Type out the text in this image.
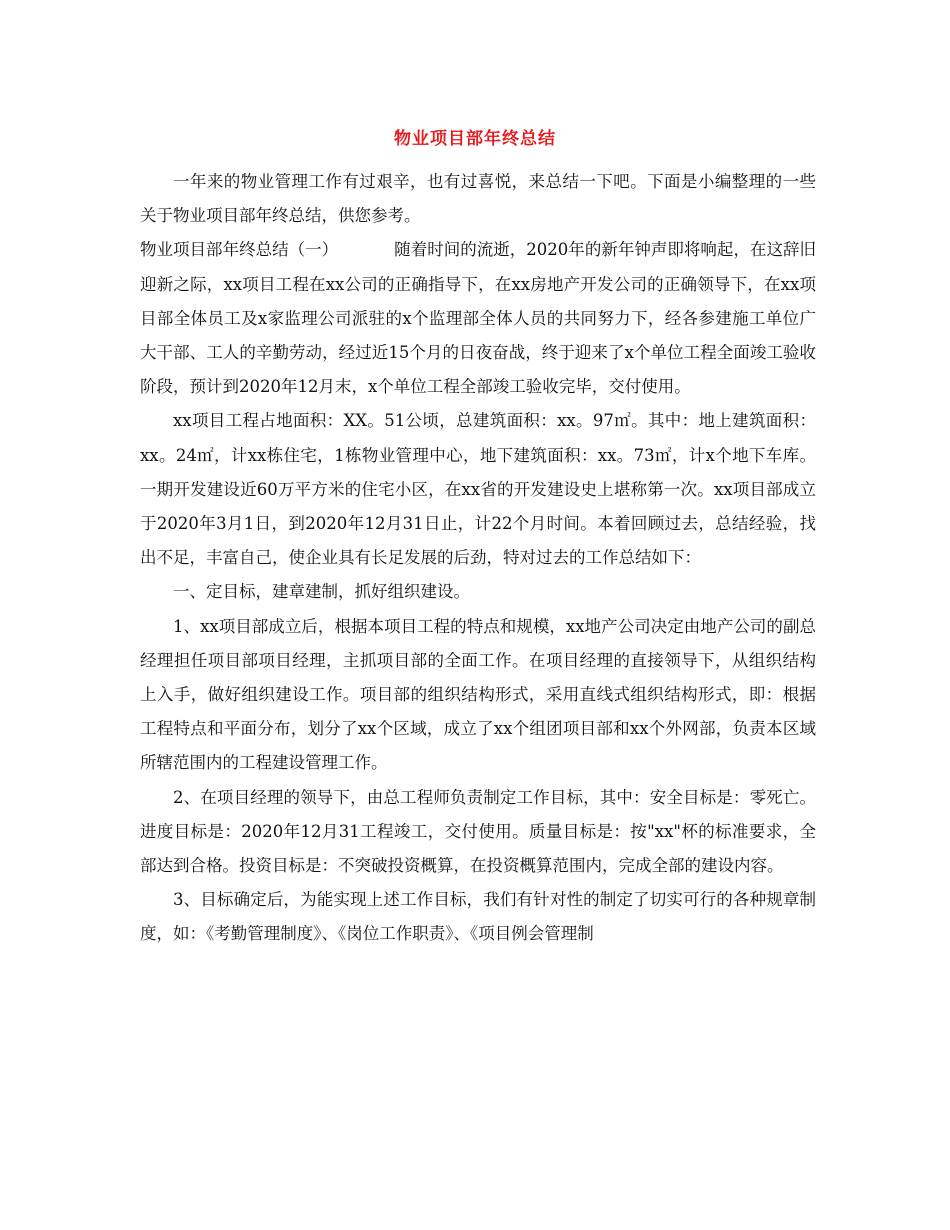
物业项目部年终总结

一年来的物业管理工作有过艰辛，也有过喜悦，来总结一下吧。下面是小编整理的一些关于物业项目部年终总结，供您参考。

物业项目部年终总结（一）	随着时间的流逝，2020年的新年钟声即将响起，在这辞旧迎新之际，xx项目工程在xx公司的正确指导下，在xx房地产开发公司的正确领导下，在xx项目部全体员工及x家监理公司派驻的x个监理部全体人员的共同努力下，经各参建施工单位广大干部、工人的辛勤劳动，经过近15个月的日夜奋战，终于迎来了x个单位工程全面竣工验收阶段，预计到2020年12月末，x个单位工程全部竣工验收完毕，交付使用。

xx项目工程占地面积：XX。51公顷，总建筑面积：xx。97㎡。其中：地上建筑面积：xx。24㎡，计xx栋住宅，1栋物业管理中心，地下建筑面积：xx。73㎡，计x个地下车库。一期开发建设近60万平方米的住宅小区，在xx省的开发建设史上堪称第一次。xx项目部成立于2020年3月1日，到2020年12月31日止，计22个月时间。本着回顾过去，总结经验，找出不足，丰富自己，使企业具有长足发展的后劲，特对过去的工作总结如下：

一、定目标，建章建制，抓好组织建设。

1、xx项目部成立后，根据本项目工程的特点和规模，xx地产公司决定由地产公司的副总经理担任项目部项目经理，主抓项目部的全面工作。在项目经理的直接领导下，从组织结构上入手，做好组织建设工作。项目部的组织结构形式，采用直线式组织结构形式，即：根据工程特点和平面分布，划分了xx个区域，成立了xx个组团项目部和xx个外网部，负责本区域所辖范围内的工程建设管理工作。

2、在项目经理的领导下，由总工程师负责制定工作目标，其中：安全目标是：零死亡。进度目标是：2020年12月31工程竣工，交付使用。质量目标是：按"xx"杯的标准要求，全部达到合格。投资目标是：不突破投资概算，在投资概算范围内，完成全部的建设内容。

3、目标确定后，为能实现上述工作目标，我们有针对性的制定了切实可行的各种规章制度，如：《考勤管理制度》、《岗位工作职责》、《项目例会管理制
